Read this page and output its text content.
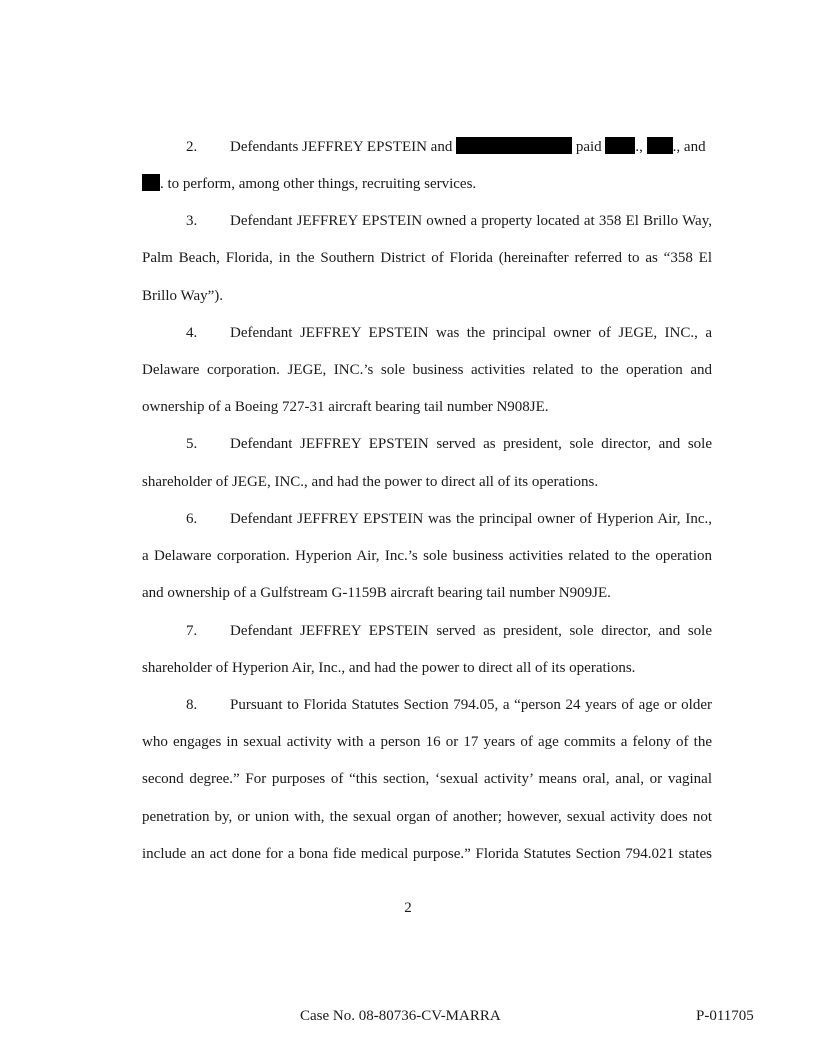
2. Defendants JEFFREY EPSTEIN and	paid ., ., and
. to perform, among other things, recruiting services.
3. Defendant JEFFREY EPSTEIN owned a property located at 358 El Brillo Way,
Palm Beach, Florida, in the Southern District of Florida (hereinafter referred to as “358 El
Brillo Way”).
4. Defendant JEFFREY EPSTEIN was the principal owner of JEGE, INC., a
Delaware corporation. JEGE, INC.’s sole business activities related to the operation and
ownership of a Boeing 727-31 aircraft bearing tail number N908JE.
5. Defendant JEFFREY EPSTEIN served as president, sole director, and sole
shareholder of JEGE, INC., and had the power to direct all of its operations.
6. Defendant JEFFREY EPSTEIN was the principal owner of Hyperion Air, Inc.,
a Delaware corporation. Hyperion Air, Inc.’s sole business activities related to the operation
and ownership of a Gulfstream G-1159B aircraft bearing tail number N909JE.
7. Defendant JEFFREY EPSTEIN served as president, sole director, and sole
shareholder of Hyperion Air, Inc., and had the power to direct all of its operations.
8. Pursuant to Florida Statutes Section 794.05, a “person 24 years of age or older
who engages in sexual activity with a person 16 or 17 years of age commits a felony of the
second degree.” For purposes of “this section, ‘sexual activity’ means oral, anal, or vaginal
penetration by, or union with, the sexual organ of another; however, sexual activity does not
include an act done for a bona fide medical purpose.” Florida Statutes Section 794.021 states
2
Case No. 08-80736-CV-MARRA	P-011705
